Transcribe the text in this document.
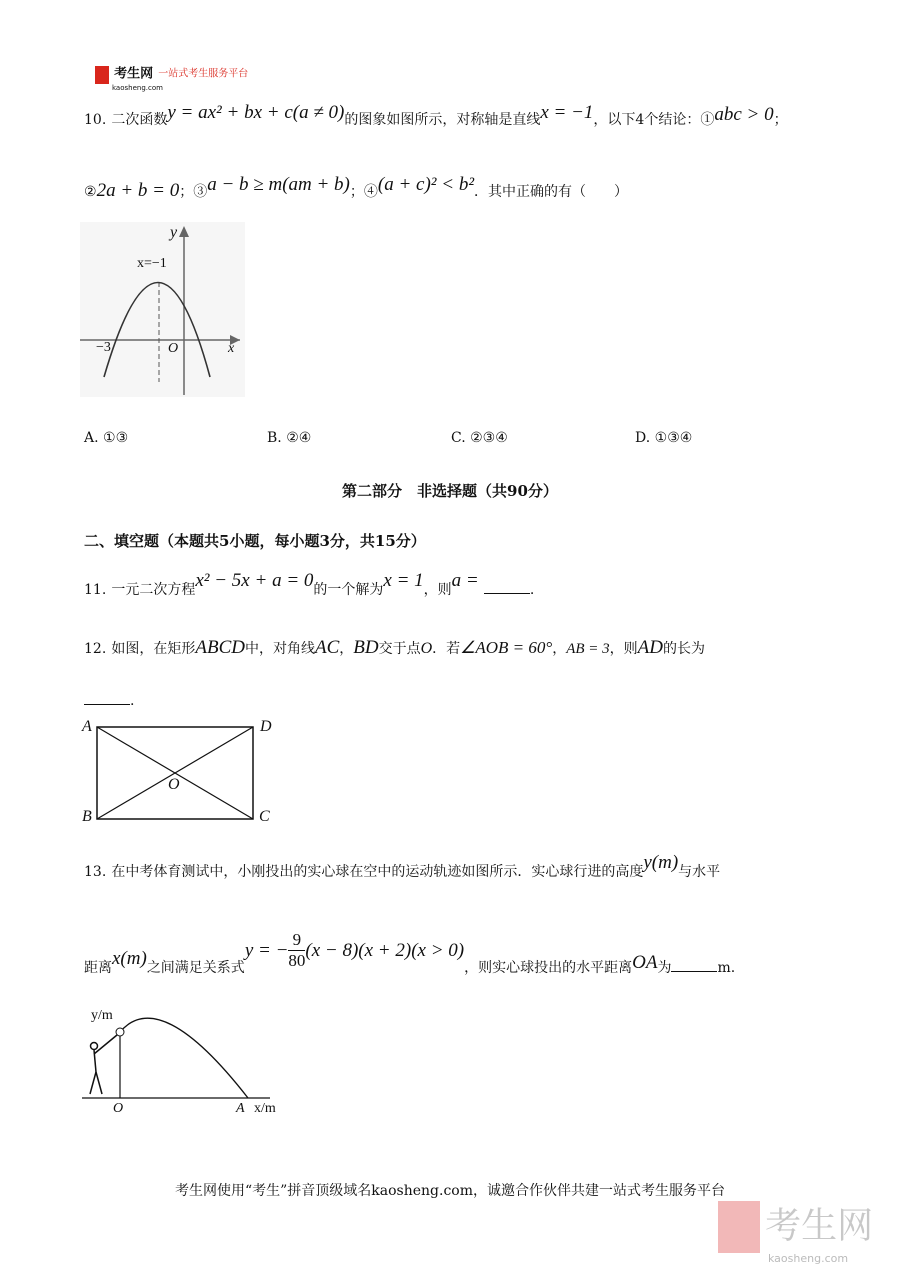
考生网 一站式考生服务平台
kaosheng.com
10. 二次函数y = ax² + bx + c(a ≠ 0)的图象如图所示，对称轴是直线x = −1，以下4个结论：①abc > 0；
②2a + b = 0；③a − b ≥ m(am + b)；④(a + c)² < b²．其中正确的有（　　）
y
x=−1
−3	O	x
A. ①③	B. ②④	C. ②③④	D. ①③④
第二部分　非选择题（共90分）
二、填空题（本题共5小题，每小题3分，共15分）
11. 一元二次方程x² − 5x + a = 0的一个解为x = 1，则a =	.
12. 如图，在矩形ABCD中，对角线AC，BD交于点O．若∠AOB = 60°，AB = 3，则AD的长为
.
A	D
B	C
O
13. 在中考体育测试中，小刚投出的实心球在空中的运动轨迹如图所示．实心球行进的高度y(m)与水平
距离x(m)之间满足关系式y = − $\frac{9}{80} (x - 8)(x + 2)(x > 0)$，则实心球投出的水平距离OA为	m.
y/m
O	A x/m
考生网使用“考生”拼音顶级域名kaosheng.com，诚邀合作伙伴共建一站式考生服务平台
考生网
kaosheng.com
